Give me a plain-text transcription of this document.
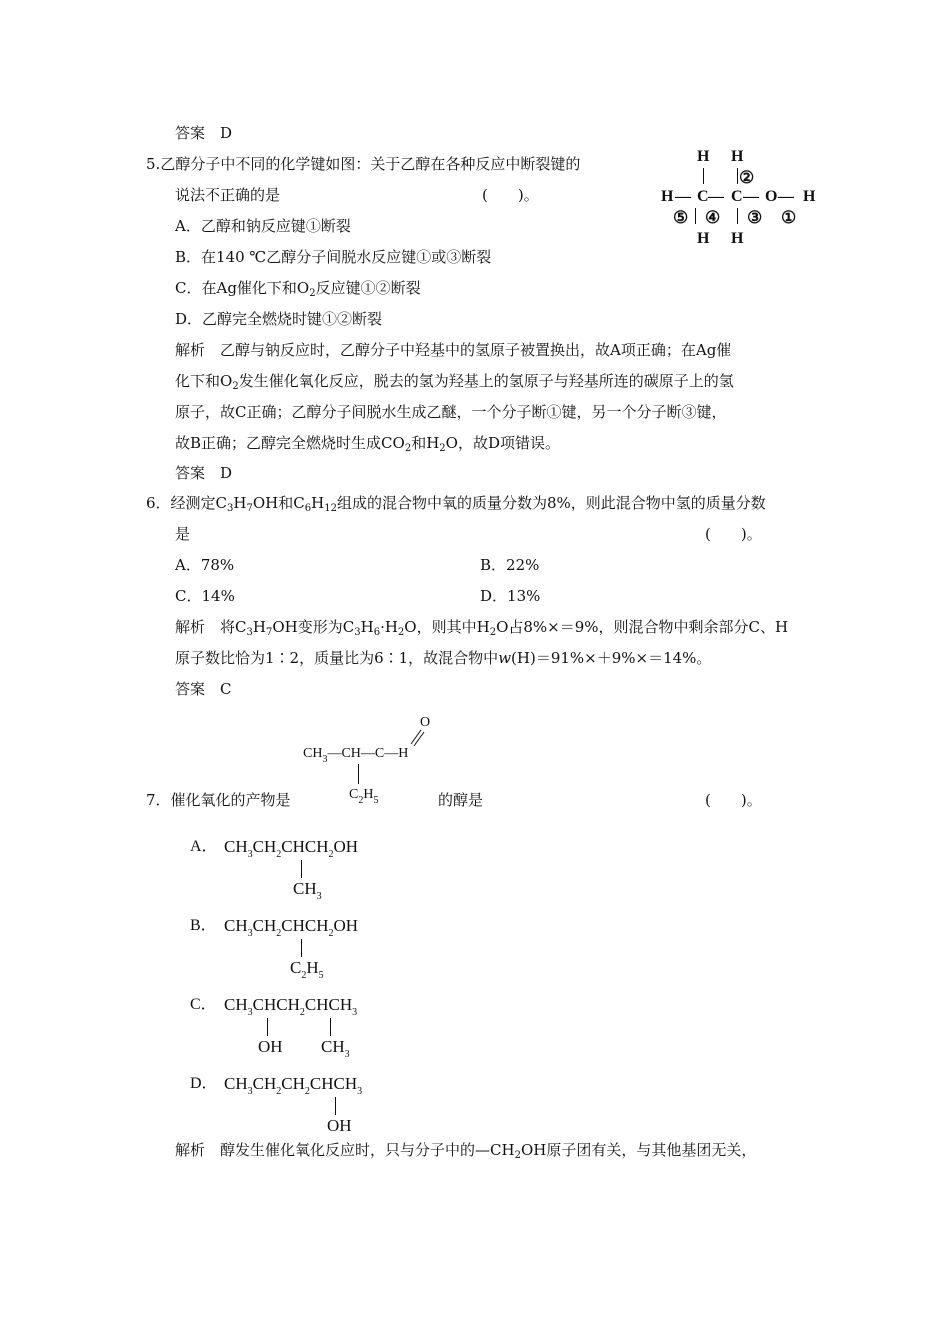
答案　 D
5.乙醇分子中不同的化学键如图：关于乙醇在各种反应中断裂键的
说法不正确的是	(　　)。
A．乙醇和钠反应键①断裂
B．在140 ℃乙醇分子间脱水反应键①或③断裂
C．在Ag催化下和$O_2$反应键①②断裂
D．乙醇完全燃烧时键①②断裂
解析　 乙醇与钠反应时，乙醇分子中羟基中的氢原子被置换出，故A项正确；在Ag催
化下和$O_2$发生催化氧化反应，脱去的氢为羟基上的氢原子与羟基所连的碳原子上的氢
原子，故C正确；乙醇分子间脱水生成乙醚，一个分子断①键，另一个分子断③键，
故B正确；乙醇完全燃烧时生成$CO_2$和$H_2O$，故D项错误。
答案　 D
H H
②
H — C — C — O — H
⑤ ④ ③ ①
H H
6．经测定$C_3H_7OH$和$C_6H_{12}$组成的混合物中氧的质量分数为8%，则此混合物中氢的质量分数
是	(　　)。
A．78%	B．22%
C．14%	D．13%
解析　 将$C_3H_7OH$变形为$C_3H_6\cdot H_2O$，则其中$H_2O$占8%×＝9%，则混合物中剩余部分C、H
原子数比恰为1∶2，质量比为6∶1，故混合物中w(H)＝91%×＋9%×＝14%。
答案　 C
O
$CH_3—CH—C—H$
$C_2H_5$
7．催化氧化的产物是	的醇是	(　　)。
A． $CH_3CH_2CHCH_2OH$
$CH_3$
B． $CH_3CH_2CHCH_2OH$
$C_2H_5$
C． $CH_3CHCH_2CHCH_3$
OH $CH_3$
D． $CH_3CH_2CH_2CHCH_3$
OH
解析　 醇发生催化氧化反应时，只与分子中的$—CH_2OH$原子团有关，与其他基团无关，
